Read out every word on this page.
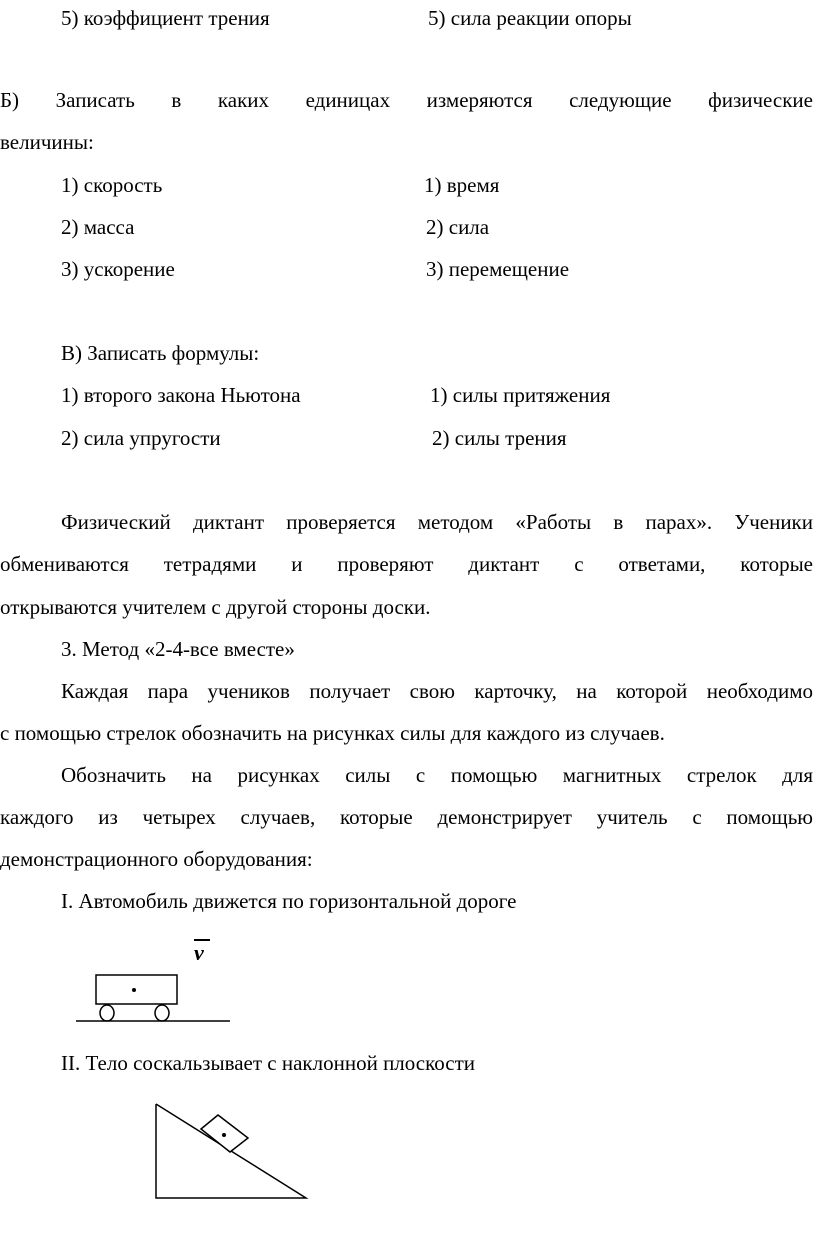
5) коэффициент трения	5) сила реакции опоры
Б) Записать в каких единицах измеряются следующие физические
величины:
1) скорость	1) время
2) масса	2) сила
3) ускорение	3) перемещение
В) Записать формулы:
1) второго закона Ньютона	1) силы притяжения
2) сила упругости	2) силы трения
Физический диктант проверяется методом «Работы в парах». Ученики
обмениваются тетрадями и проверяют диктант с ответами, которые
открываются учителем с другой стороны доски.
3. Метод «2-4-все вместе»
Каждая пара учеников получает свою карточку, на которой необходимо
с помощью стрелок обозначить на рисунках силы для каждого из случаев.
Обозначить на рисунках силы с помощью магнитных стрелок для
каждого из четырех случаев, которые демонстрирует учитель с помощью
демонстрационного оборудования:
I. Автомобиль движется по горизонтальной дороге
v
II. Тело соскальзывает с наклонной плоскости
